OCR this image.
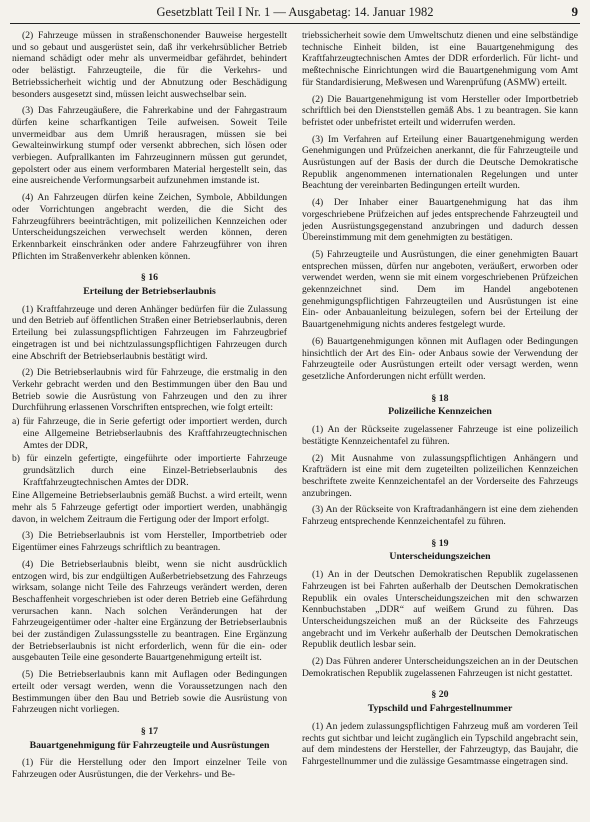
Gesetzblatt Teil I Nr. 1 — Ausgabetag: 14. Januar 1982	9

(2) Fahrzeuge müssen in straßenschonender Bauweise hergestellt und so gebaut und ausgerüstet sein, daß ihr verkehrsüblicher Betrieb niemand schädigt oder mehr als unvermeidbar gefährdet, behindert oder belästigt. Fahrzeugteile, die für die Verkehrs- und Betriebssicherheit wichtig und der Abnutzung oder Beschädigung besonders ausgesetzt sind, müssen leicht auswechselbar sein.

(3) Das Fahrzeugäußere, die Fahrerkabine und der Fahrgastraum dürfen keine scharfkantigen Teile aufweisen. Soweit Teile unvermeidbar aus dem Umriß herausragen, müssen sie bei Gewalteinwirkung stumpf oder versenkt abbrechen, sich lösen oder verbiegen. Aufprallkanten im Fahrzeuginnern müssen gut gerundet, gepolstert oder aus einem verformbaren Material hergestellt sein, das eine ausreichende Verformungsarbeit aufzunehmen imstande ist.

(4) An Fahrzeugen dürfen keine Zeichen, Symbole, Abbildungen oder Vorrichtungen angebracht werden, die die Sicht des Fahrzeugführers beeinträchtigen, mit polizeilichen Kennzeichen oder Unterscheidungszeichen verwechselt werden können, deren Erkennbarkeit einschränken oder andere Fahrzeugführer von ihren Pflichten im Straßenverkehr ablenken können.

§ 16
Erteilung der Betriebserlaubnis

(1) Kraftfahrzeuge und deren Anhänger bedürfen für die Zulassung und den Betrieb auf öffentlichen Straßen einer Betriebserlaubnis, deren Erteilung bei zulassungspflichtigen Fahrzeugen im Fahrzeugbrief eingetragen ist und bei nichtzulassungspflichtigen Fahrzeugen durch eine Abschrift der Betriebserlaubnis bestätigt wird.

(2) Die Betriebserlaubnis wird für Fahrzeuge, die erstmalig in den Verkehr gebracht werden und den Bestimmungen über den Bau und Betrieb sowie die Ausrüstung von Fahrzeugen und den zu ihrer Durchführung erlassenen Vorschriften entsprechen, wie folgt erteilt:

a) für Fahrzeuge, die in Serie gefertigt oder importiert werden, durch eine Allgemeine Betriebserlaubnis des Kraftfahrzeugtechnischen Amtes der DDR,

b) für einzeln gefertigte, eingeführte oder importierte Fahrzeuge grundsätzlich durch eine Einzel-Betriebserlaubnis des Kraftfahrzeugtechnischen Amtes der DDR.

Eine Allgemeine Betriebserlaubnis gemäß Buchst. a wird erteilt, wenn mehr als 5 Fahrzeuge gefertigt oder importiert werden, unabhängig davon, in welchem Zeitraum die Fertigung oder der Import erfolgt.

(3) Die Betriebserlaubnis ist vom Hersteller, Importbetrieb oder Eigentümer eines Fahrzeugs schriftlich zu beantragen.

(4) Die Betriebserlaubnis bleibt, wenn sie nicht ausdrücklich entzogen wird, bis zur endgültigen Außerbetriebsetzung des Fahrzeugs wirksam, solange nicht Teile des Fahrzeugs verändert werden, deren Beschaffenheit vorgeschrieben ist oder deren Betrieb eine Gefährdung verursachen kann. Nach solchen Veränderungen hat der Fahrzeugeigentümer oder -halter eine Ergänzung der Betriebserlaubnis bei der zuständigen Zulassungsstelle zu beantragen. Eine Ergänzung der Betriebserlaubnis ist nicht erforderlich, wenn für die ein- oder ausgebauten Teile eine gesonderte Bauartgenehmigung erteilt ist.

(5) Die Betriebserlaubnis kann mit Auflagen oder Bedingungen erteilt oder versagt werden, wenn die Voraussetzungen nach den Bestimmungen über den Bau und Betrieb sowie die Ausrüstung von Fahrzeugen nicht vorliegen.

§ 17
Bauartgenehmigung für Fahrzeugteile und Ausrüstungen

(1) Für die Herstellung oder den Import einzelner Teile von Fahrzeugen oder Ausrüstungen, die der Verkehrs- und Be-

triebssicherheit sowie dem Umweltschutz dienen und eine selbständige technische Einheit bilden, ist eine Bauartgenehmigung des Kraftfahrzeugtechnischen Amtes der DDR erforderlich. Für licht- und meßtechnische Einrichtungen wird die Bauartgenehmigung vom Amt für Standardisierung, Meßwesen und Warenprüfung (ASMW) erteilt.

(2) Die Bauartgenehmigung ist vom Hersteller oder Importbetrieb schriftlich bei den Dienststellen gemäß Abs. 1 zu beantragen. Sie kann befristet oder unbefristet erteilt und widerrufen werden.

(3) Im Verfahren auf Erteilung einer Bauartgenehmigung werden Genehmigungen und Prüfzeichen anerkannt, die für Fahrzeugteile und Ausrüstungen auf der Basis der durch die Deutsche Demokratische Republik angenommenen internationalen Regelungen und unter Beachtung der vereinbarten Bedingungen erteilt wurden.

(4) Der Inhaber einer Bauartgenehmigung hat das ihm vorgeschriebene Prüfzeichen auf jedes entsprechende Fahrzeugteil und jeden Ausrüstungsgegenstand anzubringen und dadurch dessen Übereinstimmung mit dem genehmigten zu bestätigen.

(5) Fahrzeugteile und Ausrüstungen, die einer genehmigten Bauart entsprechen müssen, dürfen nur angeboten, veräußert, erworben oder verwendet werden, wenn sie mit einem vorgeschriebenen Prüfzeichen gekennzeichnet sind. Dem im Handel angebotenen genehmigungspflichtigen Fahrzeugteilen und Ausrüstungen ist eine Ein- oder Anbauanleitung beizulegen, sofern bei der Erteilung der Bauartgenehmigung nichts anderes festgelegt wurde.

(6) Bauartgenehmigungen können mit Auflagen oder Bedingungen hinsichtlich der Art des Ein- oder Anbaus sowie der Verwendung der Fahrzeugteile oder Ausrüstungen erteilt oder versagt werden, wenn gesetzliche Anforderungen nicht erfüllt werden.

§ 18
Polizeiliche Kennzeichen

(1) An der Rückseite zugelassener Fahrzeuge ist eine polizeilich bestätigte Kennzeichentafel zu führen.

(2) Mit Ausnahme von zulassungspflichtigen Anhängern und Krafträdern ist eine mit dem zugeteilten polizeilichen Kennzeichen beschriftete zweite Kennzeichentafel an der Vorderseite des Fahrzeugs anzubringen.

(3) An der Rückseite von Kraftradanhängern ist eine dem ziehenden Fahrzeug entsprechende Kennzeichentafel zu führen.

§ 19
Unterscheidungszeichen

(1) An in der Deutschen Demokratischen Republik zugelassenen Fahrzeugen ist bei Fahrten außerhalb der Deutschen Demokratischen Republik ein ovales Unterscheidungszeichen mit den schwarzen Kennbuchstaben „DDR“ auf weißem Grund zu führen. Das Unterscheidungszeichen muß an der Rückseite des Fahrzeugs angebracht und im Verkehr außerhalb der Deutschen Demokratischen Republik deutlich lesbar sein.

(2) Das Führen anderer Unterscheidungszeichen an in der Deutschen Demokratischen Republik zugelassenen Fahrzeugen ist nicht gestattet.

§ 20
Typschild und Fahrgestellnummer

(1) An jedem zulassungspflichtigen Fahrzeug muß am vorderen Teil rechts gut sichtbar und leicht zugänglich ein Typschild angebracht sein, auf dem mindestens der Hersteller, der Fahrzeugtyp, das Baujahr, die Fahrgestellnummer und die zulässige Gesamtmasse eingetragen sind.
